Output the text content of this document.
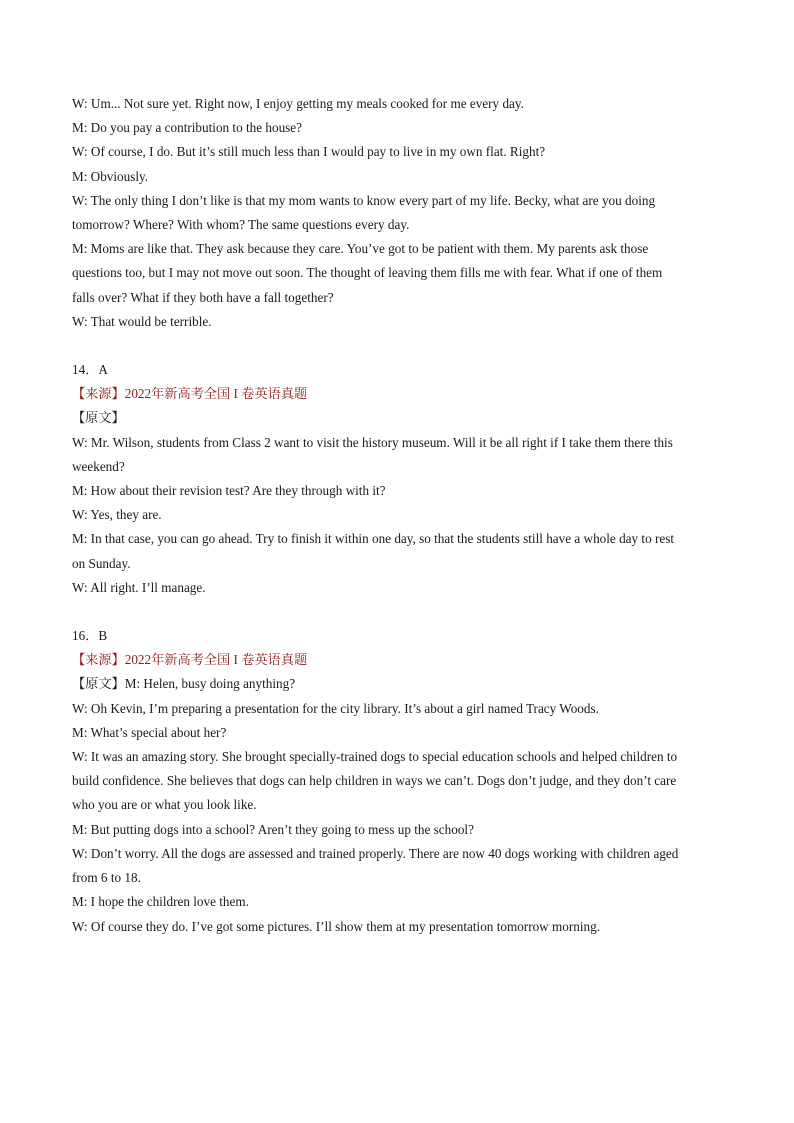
W: Um... Not sure yet. Right now, I enjoy getting my meals cooked for me every day.
M: Do you pay a contribution to the house?
W: Of course, I do. But it’s still much less than I would pay to live in my own flat. Right?
M: Obviously.
W: The only thing I don’t like is that my mom wants to know every part of my life. Becky, what are you doing
tomorrow? Where? With whom? The same questions every day.
M: Moms are like that. They ask because they care. You’ve got to be patient with them. My parents ask those
questions too, but I may not move out soon. The thought of leaving them fills me with fear. What if one of them
falls over? What if they both have a fall together?
W: That would be terrible.
14．A
【来源】2022年新高考全国 I 卷英语真题
【原文】
W: Mr. Wilson, students from Class 2 want to visit the history museum. Will it be all right if I take them there this
weekend?
M: How about their revision test? Are they through with it?
W: Yes, they are.
M: In that case, you can go ahead. Try to finish it within one day, so that the students still have a whole day to rest
on Sunday.
W: All right. I’ll manage.
16．B
【来源】2022年新高考全国 I 卷英语真题
【原文】M: Helen, busy doing anything?
W: Oh Kevin, I’m preparing a presentation for the city library. It’s about a girl named Tracy Woods.
M: What’s special about her?
W: It was an amazing story. She brought specially-trained dogs to special education schools and helped children to
build confidence. She believes that dogs can help children in ways we can’t. Dogs don’t judge, and they don’t care
who you are or what you look like.
M: But putting dogs into a school? Aren’t they going to mess up the school?
W: Don’t worry. All the dogs are assessed and trained properly. There are now 40 dogs working with children aged
from 6 to 18.
M: I hope the children love them.
W: Of course they do. I’ve got some pictures. I’ll show them at my presentation tomorrow morning.
